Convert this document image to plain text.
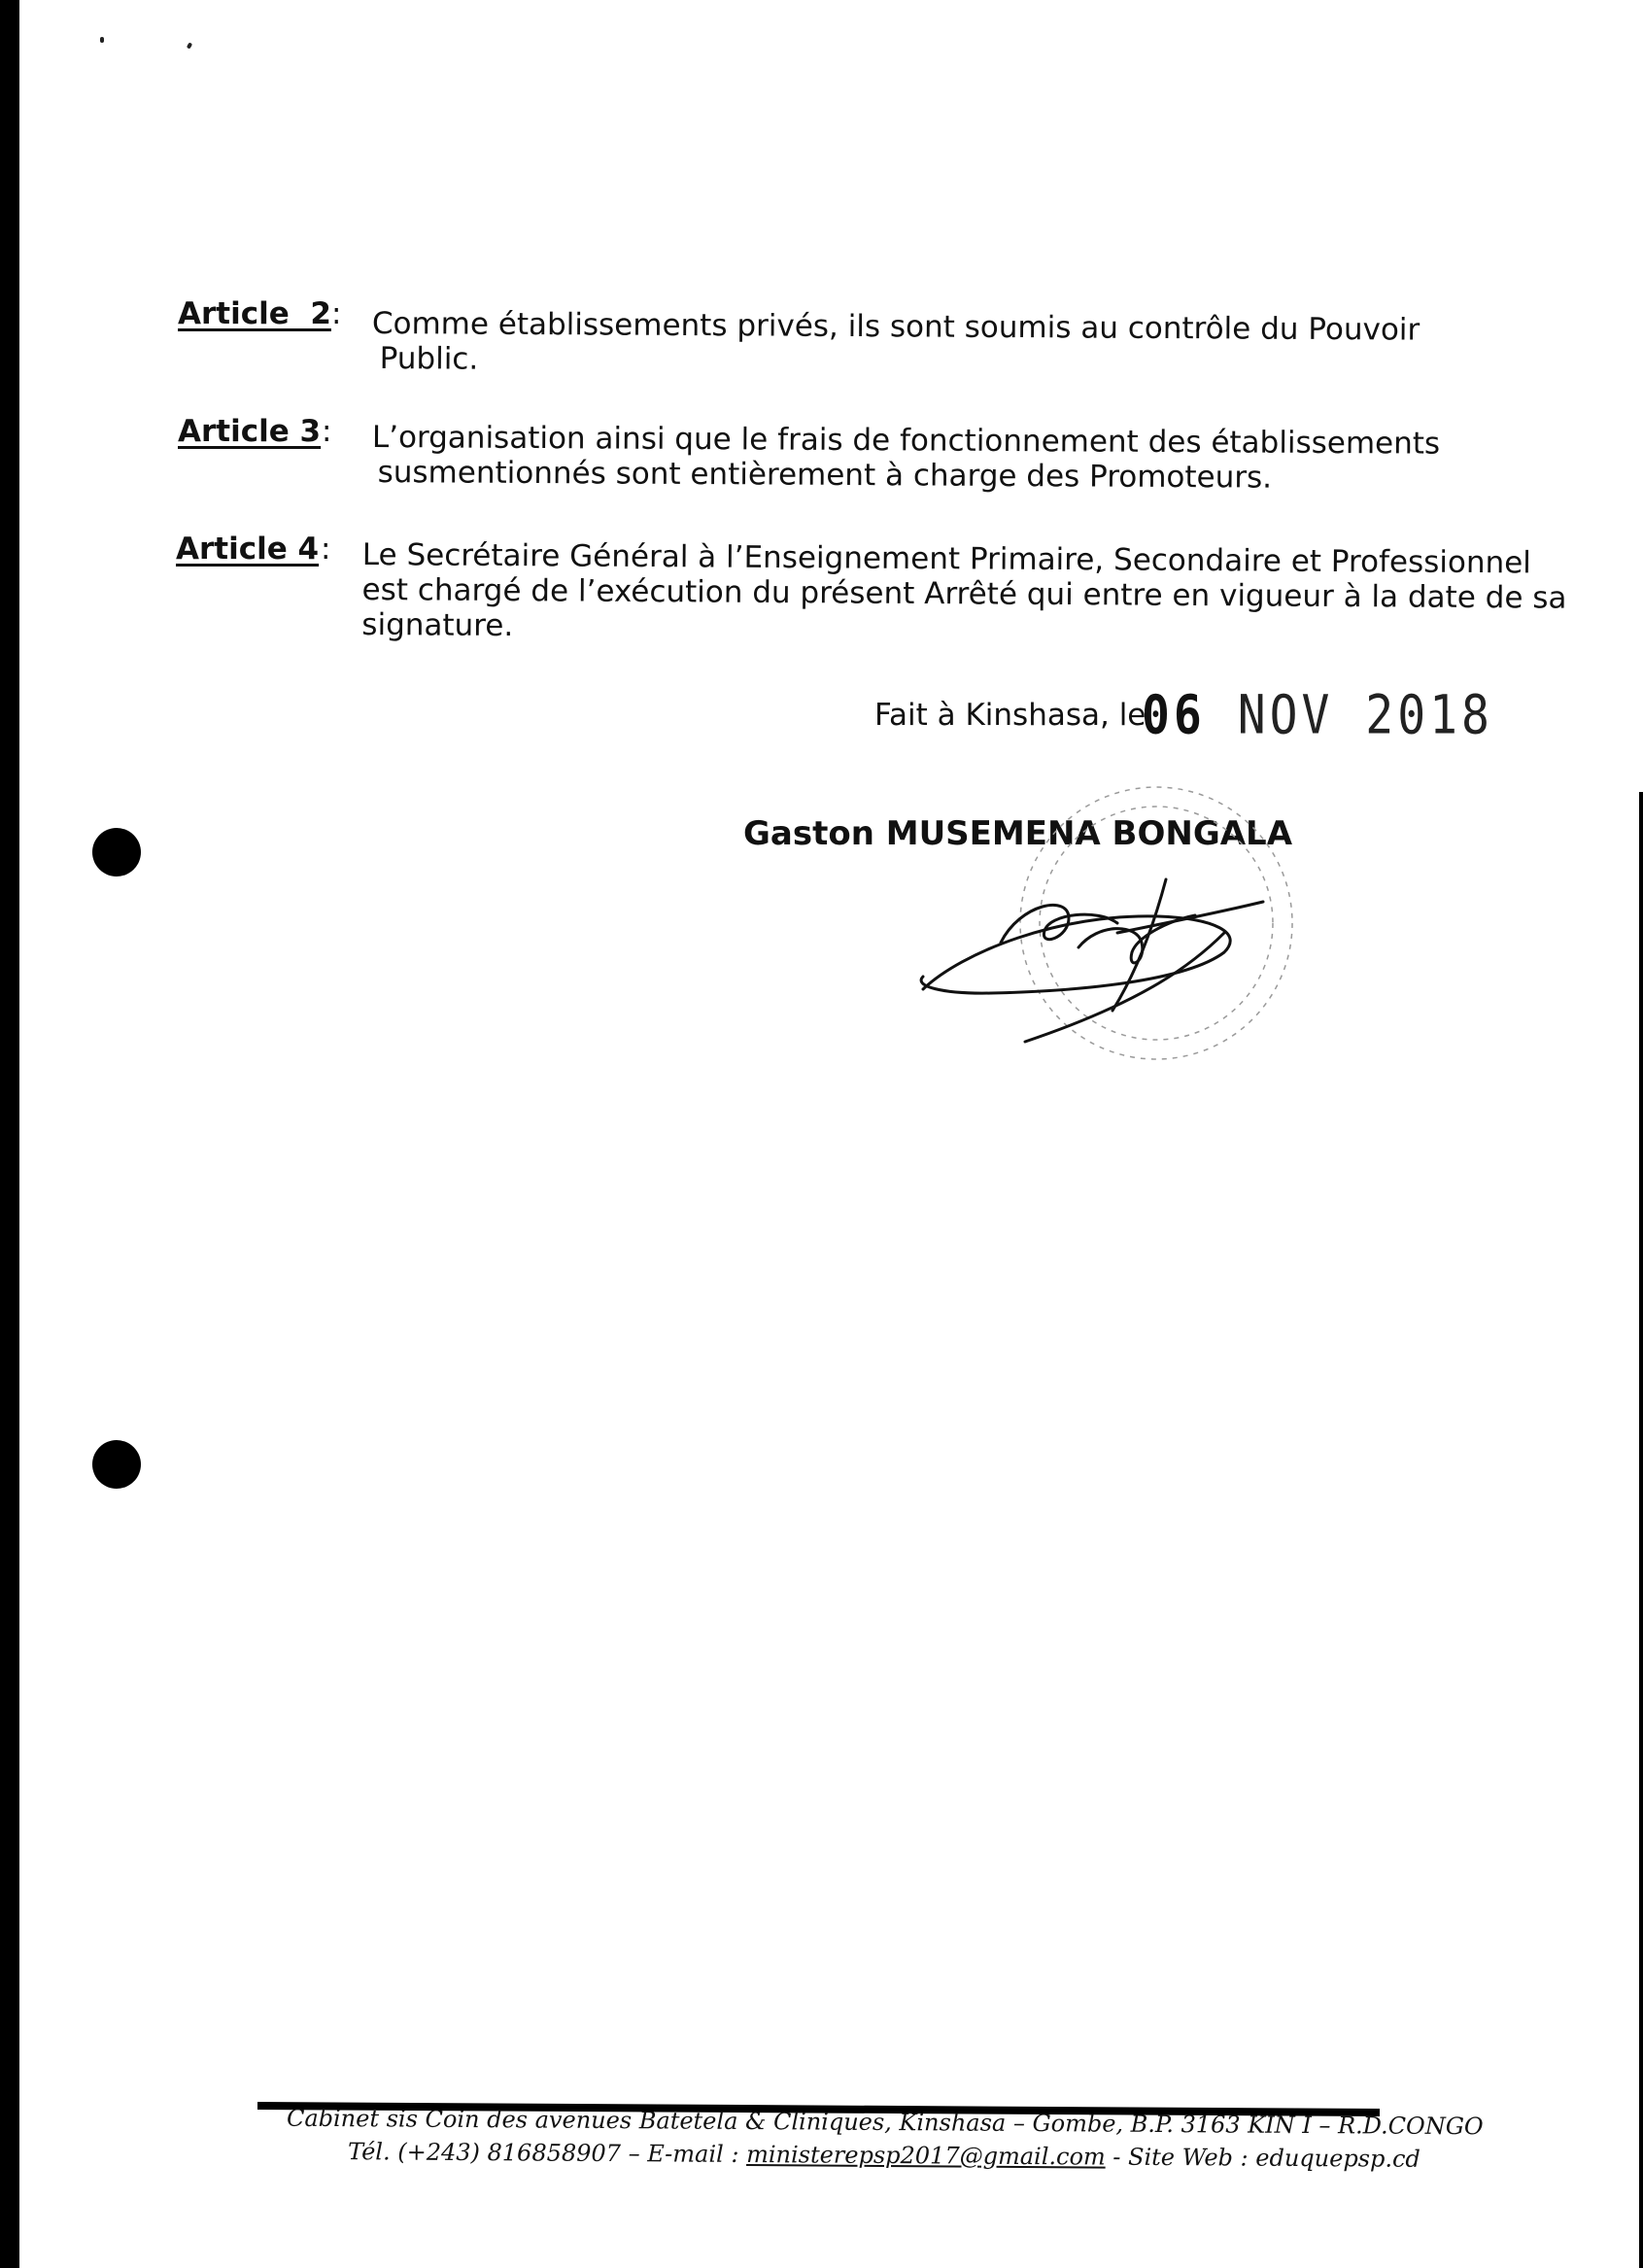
Article  2 : Comme établissements privés, ils sont soumis au contrôle du Pouvoir

Public.

Article 3 : L’organisation ainsi que le frais de fonctionnement des établissements

susmentionnés sont entièrement à charge des Promoteurs.

Article 4 : Le Secrétaire Général à l’Enseignement Primaire, Secondaire et Professionnel

est chargé de l’exécution du présent Arrêté qui entre en vigueur à la date de sa

signature.

Fait à Kinshasa, le
06 NOV 2018
Gaston MUSEMENA BONGALA
Cabinet sis Coin des avenues Batetela & Cliniques, Kinshasa – Gombe, B.P. 3163 KIN I – R.D.CONGO
Tél. (+243) 816858907 – E-mail : ministerepsp2017@gmail.com - Site Web : eduquepsp.cd
